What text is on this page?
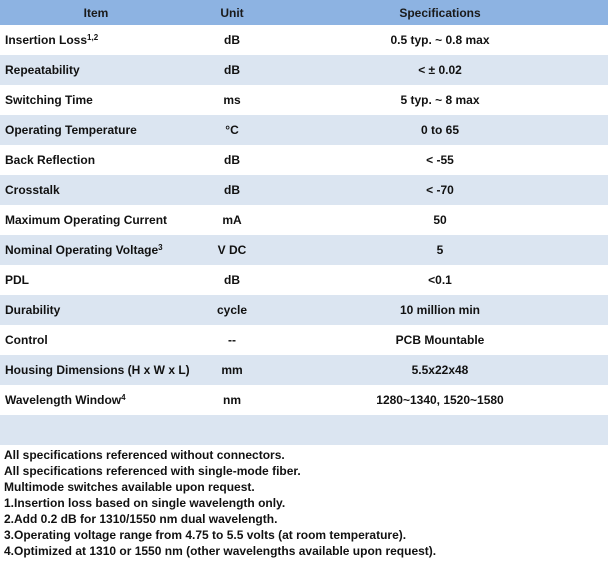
Item	Unit	Specifications
Insertion Loss$^{1,2}$	dB	0.5 typ. ~ 0.8 max
Repeatability	dB	< ± 0.02
Switching Time	ms	5 typ. ~ 8 max
Operating Temperature	°C	0 to 65
Back Reflection	dB	< -55
Crosstalk	dB	< -70
Maximum Operating Current	mA	50
Nominal Operating Voltage$^3$	V DC	5
PDL	dB	<0.1
Durability	cycle	10 million min
Control	--	PCB Mountable
Housing Dimensions (H x W x L)	mm	5.5x22x48
Wavelength Window$^4$	nm	1280~1340, 1520~1580

All specifications referenced without connectors.
All specifications referenced with single-mode fiber.
Multimode switches available upon request.
1.Insertion loss based on single wavelength only.
2.Add 0.2 dB for 1310/1550 nm dual wavelength.
3.Operating voltage range from 4.75 to 5.5 volts (at room temperature).
4.Optimized at 1310 or 1550 nm (other wavelengths available upon request).
